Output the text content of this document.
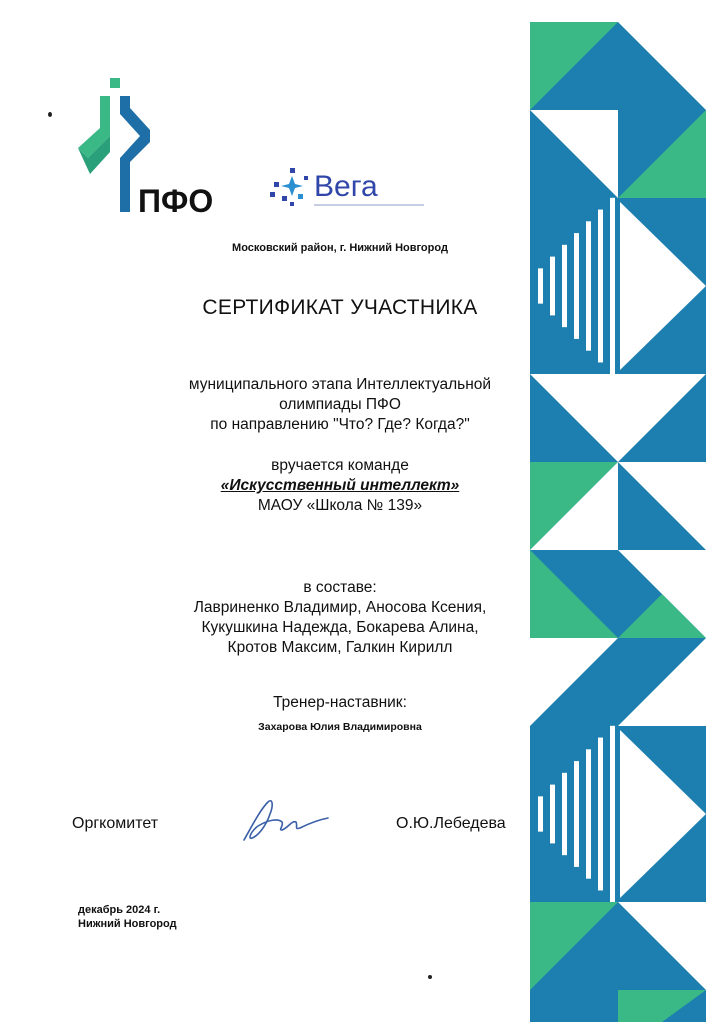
ПФО	Вега
Московский район, г. Нижний Новгород
СЕРТИФИКАТ УЧАСТНИКА
муниципального этапа Интеллектуальной
олимпиады ПФО
по направлению "Что? Где? Когда?"
вручается команде
«Искусственный интеллект»
МАОУ «Школа № 139»
в составе:
Лавриненко Владимир, Аносова Ксения,
Кукушкина Надежда, Бокарева Алина,
Кротов Максим, Галкин Кирилл
Тренер-наставник:
Захарова Юлия Владимировна
Оргкомитет	О.Ю.Лебедева
декабрь 2024 г.
Нижний Новгород
